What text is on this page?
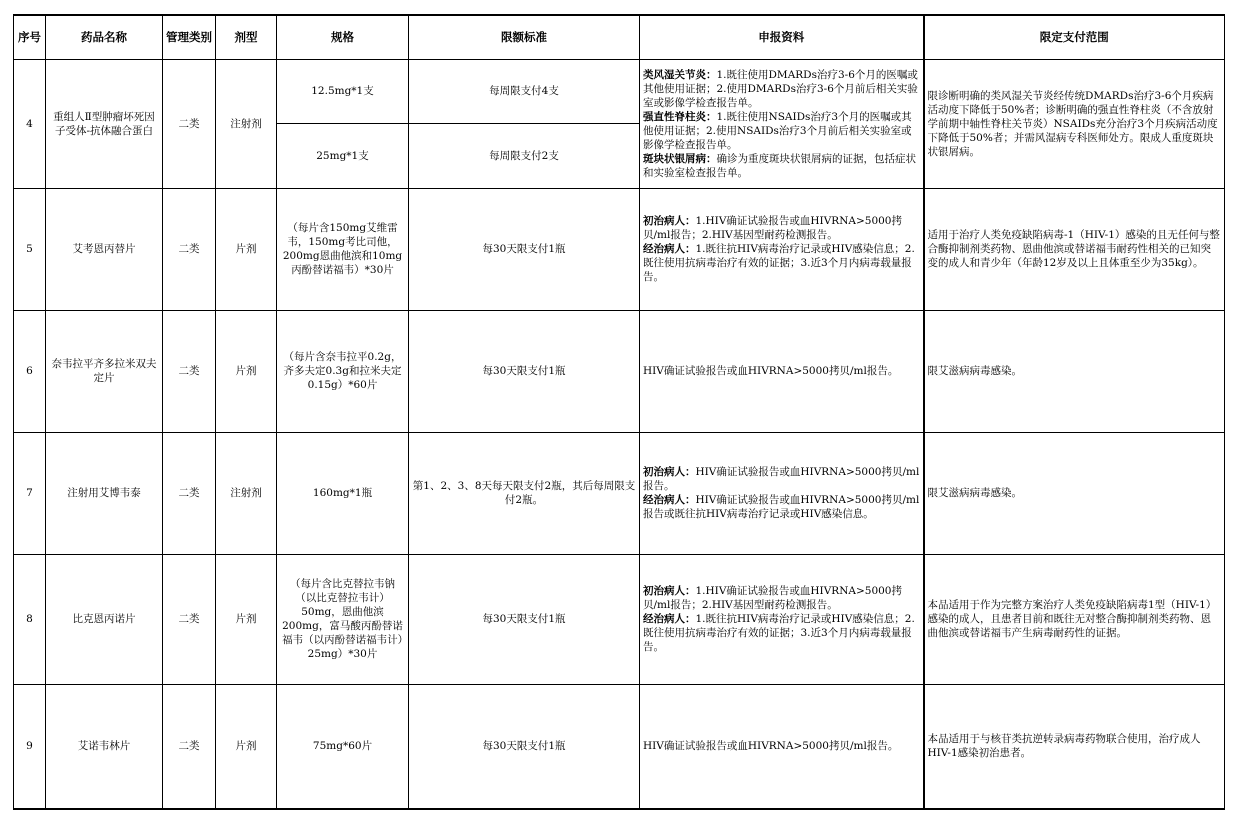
序号	药品名称	管理类别	剂型	规格	限额标准	申报资料	限定支付范围
4	重组人Ⅱ型肿瘤坏死因子受体-抗体融合蛋白	二类	注射剂	12.5mg*1支	每周限支付4支	类风湿关节炎：1.既往使用DMARDs治疗3-6个月的医嘱或其他使用证据；2.使用DMARDs治疗3-6个月前后相关实验室或影像学检查报告单。
强直性脊柱炎：1.既往使用NSAIDs治疗3个月的医嘱或其他使用证据；2.使用NSAIDs治疗3个月前后相关实验室或影像学检查报告单。
斑块状银屑病：确诊为重度斑块状银屑病的证据，包括症状和实验室检查报告单。	限诊断明确的类风湿关节炎经传统DMARDs治疗3-6个月疾病活动度下降低于50%者；诊断明确的强直性脊柱炎（不含放射学前期中轴性脊柱关节炎）NSAIDs充分治疗3个月疾病活动度下降低于50%者；并需风湿病专科医师处方。限成人重度斑块状银屑病。
				25mg*1支	每周限支付2支		
5	艾考恩丙替片	二类	片剂	（每片含150mg艾维雷韦，150mg考比司他，200mg恩曲他滨和10mg丙酚替诺福韦）*30片	每30天限支付1瓶	初治病人：1.HIV确证试验报告或血HIVRNA>5000拷贝/ml报告；2.HIV基因型耐药检测报告。
经治病人：1.既往抗HIV病毒治疗记录或HIV感染信息；2.既往使用抗病毒治疗有效的证据；3.近3个月内病毒载量报告。	适用于治疗人类免疫缺陷病毒-1（HIV-1）感染的且无任何与整合酶抑制剂类药物、恩曲他滨或替诺福韦耐药性相关的已知突变的成人和青少年（年龄12岁及以上且体重至少为35kg）。
6	奈韦拉平齐多拉米双夫定片	二类	片剂	（每片含奈韦拉平0.2g，齐多夫定0.3g和拉米夫定0.15g）*60片	每30天限支付1瓶	HIV确证试验报告或血HIVRNA>5000拷贝/ml报告。	限艾滋病病毒感染。
7	注射用艾博韦泰	二类	注射剂	160mg*1瓶	第1、2、3、8天每天限支付2瓶，其后每周限支付2瓶。	初治病人：HIV确证试验报告或血HIVRNA>5000拷贝/ml报告。
经治病人：HIV确证试验报告或血HIVRNA>5000拷贝/ml报告或既往抗HIV病毒治疗记录或HIV感染信息。	限艾滋病病毒感染。
8	比克恩丙诺片	二类	片剂	（每片含比克替拉韦钠（以比克替拉韦计）50mg，恩曲他滨200mg，富马酸丙酚替诺福韦（以丙酚替诺福韦计）25mg）*30片	每30天限支付1瓶	初治病人：1.HIV确证试验报告或血HIVRNA>5000拷贝/ml报告；2.HIV基因型耐药检测报告。
经治病人：1.既往抗HIV病毒治疗记录或HIV感染信息；2.既往使用抗病毒治疗有效的证据；3.近3个月内病毒载量报告。	本品适用于作为完整方案治疗人类免疫缺陷病毒1型（HIV-1）感染的成人，且患者目前和既往无对整合酶抑制剂类药物、恩曲他滨或替诺福韦产生病毒耐药性的证据。
9	艾诺韦林片	二类	片剂	75mg*60片	每30天限支付1瓶	HIV确证试验报告或血HIVRNA>5000拷贝/ml报告。	本品适用于与核苷类抗逆转录病毒药物联合使用，治疗成人HIV-1感染初治患者。
